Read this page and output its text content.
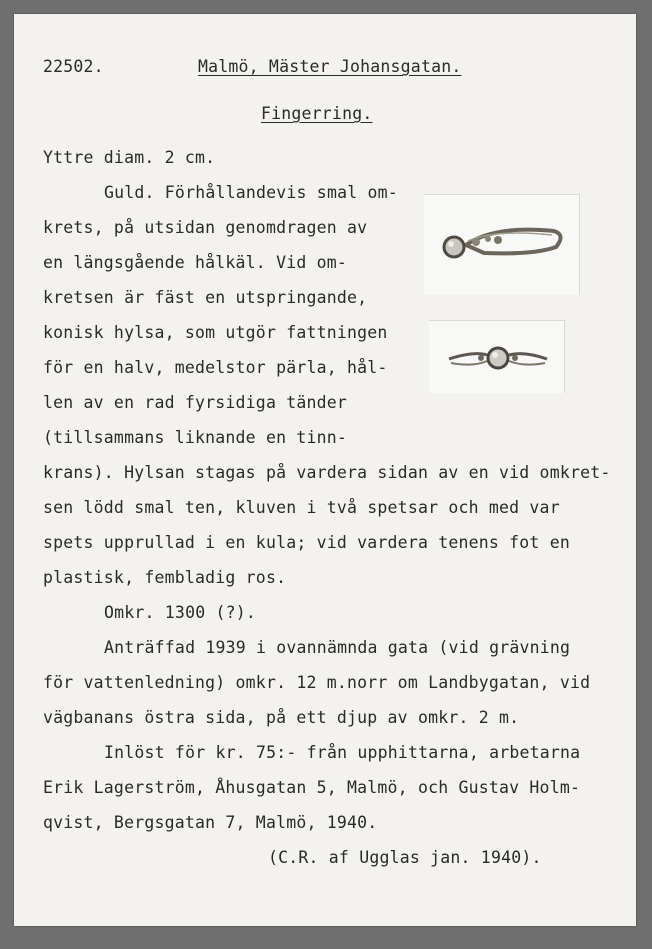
22502.	Malmö, Mäster Johansgatan.
Fingerring.
Yttre diam. 2 cm.
Guld. Förhållandevis smal om-
krets, på utsidan genomdragen av
en längsgående hålkäl. Vid om-
kretsen är fäst en utspringande,
konisk hylsa, som utgör fattningen
för en halv, medelstor pärla, hål-
len av en rad fyrsidiga tänder
(tillsammans liknande en tinn-
krans). Hylsan stagas på vardera sidan av en vid omkret-
sen lödd smal ten, kluven i två spetsar och med var
spets upprullad i en kula; vid vardera tenens fot en
plastisk, fembladig ros.
Omkr. 1300 (?).
Anträffad 1939 i ovannämnda gata (vid grävning
för vattenledning) omkr. 12 m.norr om Landbygatan, vid
vägbanans östra sida, på ett djup av omkr. 2 m.
Inlöst för kr. 75:- från upphittarna, arbetarna
Erik Lagerström, Åhusgatan 5, Malmö, och Gustav Holm-
qvist, Bergsgatan 7, Malmö, 1940.
(C.R. af Ugglas jan. 1940).
